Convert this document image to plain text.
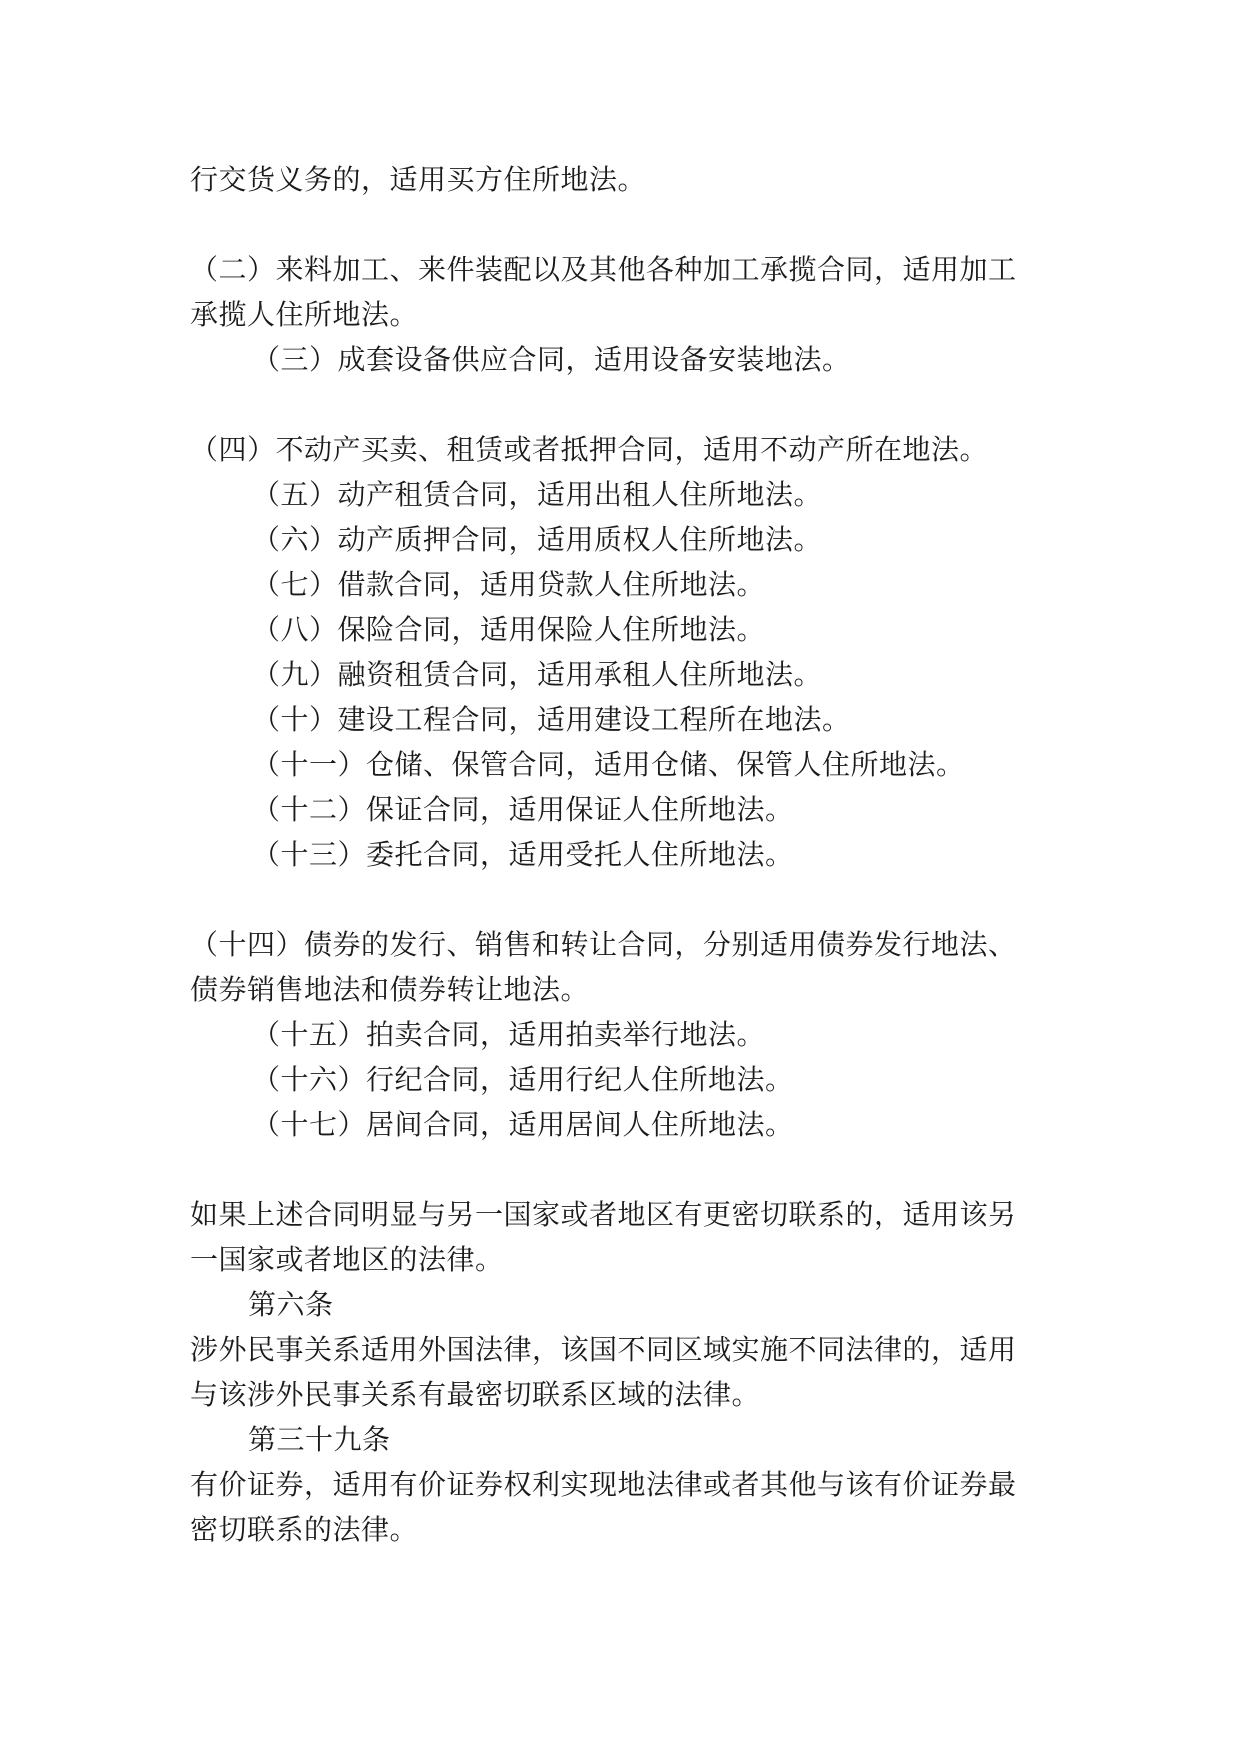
行交货义务的，适用买方住所地法。

（二）来料加工、来件装配以及其他各种加工承揽合同，适用加工

承揽人住所地法。

（三）成套设备供应合同，适用设备安装地法。

（四）不动产买卖、租赁或者抵押合同，适用不动产所在地法。

（五）动产租赁合同，适用出租人住所地法。

（六）动产质押合同，适用质权人住所地法。

（七）借款合同，适用贷款人住所地法。

（八）保险合同，适用保险人住所地法。

（九）融资租赁合同，适用承租人住所地法。

（十）建设工程合同，适用建设工程所在地法。

（十一）仓储、保管合同，适用仓储、保管人住所地法。

（十二）保证合同，适用保证人住所地法。

（十三）委托合同，适用受托人住所地法。

（十四）债券的发行、销售和转让合同，分别适用债券发行地法、

债券销售地法和债券转让地法。

（十五）拍卖合同，适用拍卖举行地法。

（十六）行纪合同，适用行纪人住所地法。

（十七）居间合同，适用居间人住所地法。

如果上述合同明显与另一国家或者地区有更密切联系的，适用该另

一国家或者地区的法律。

第六条

涉外民事关系适用外国法律，该国不同区域实施不同法律的，适用

与该涉外民事关系有最密切联系区域的法律。

第三十九条

有价证券，适用有价证券权利实现地法律或者其他与该有价证券最

密切联系的法律。
